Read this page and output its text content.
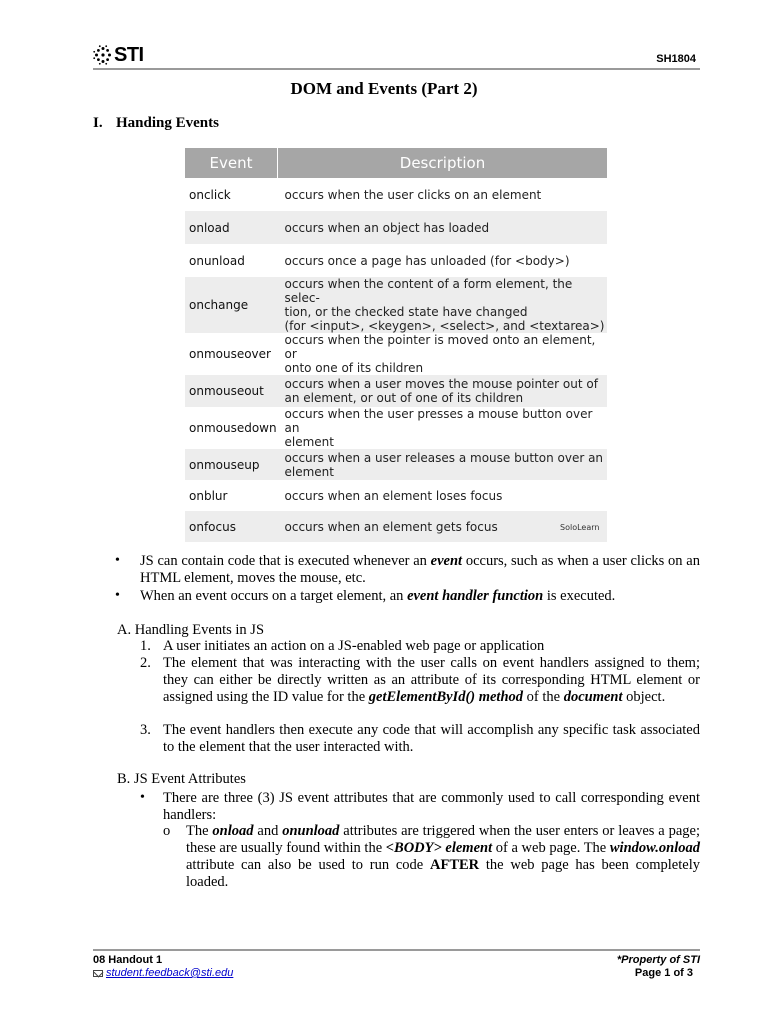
STI	SH1804
DOM and Events (Part 2)
I. Handing Events
Event	Description
onclick	occurs when the user clicks on an element
onload	occurs when an object has loaded
onunload	occurs once a page has unloaded (for <body>)
onchange	occurs when the content of a form element, the selec-
tion, or the checked state have changed
(for <input>, <keygen>, <select>, and <textarea>)
onmouseover	occurs when the pointer is moved onto an element, or
onto one of its children
onmouseout	occurs when a user moves the mouse pointer out of
an element, or out of one of its children
onmousedown	occurs when the user presses a mouse button over an
element
onmouseup	occurs when a user releases a mouse button over an
element
onblur	occurs when an element loses focus
onfocus	occurs when an element gets focus	SoloLearn
• JS can contain code that is executed whenever an event occurs, such as when a user clicks on an HTML element, moves the mouse, etc.
• When an event occurs on a target element, an event handler function is executed.
A. Handling Events in JS
1. A user initiates an action on a JS-enabled web page or application
2. The element that was interacting with the user calls on event handlers assigned to them; they can either be directly written as an attribute of its corresponding HTML element or assigned using the ID value for the getElementById() method of the document object.
3. The event handlers then execute any code that will accomplish any specific task associated to the element that the user interacted with.
B. JS Event Attributes
• There are three (3) JS event attributes that are commonly used to call corresponding event handlers:
o The onload and onunload attributes are triggered when the user enters or leaves a page; these are usually found within the <BODY> element of a web page. The window.onload attribute can also be used to run code AFTER the web page has been completely loaded.
08 Handout 1
student.feedback@sti.edu
*Property of STI
Page 1 of 3
